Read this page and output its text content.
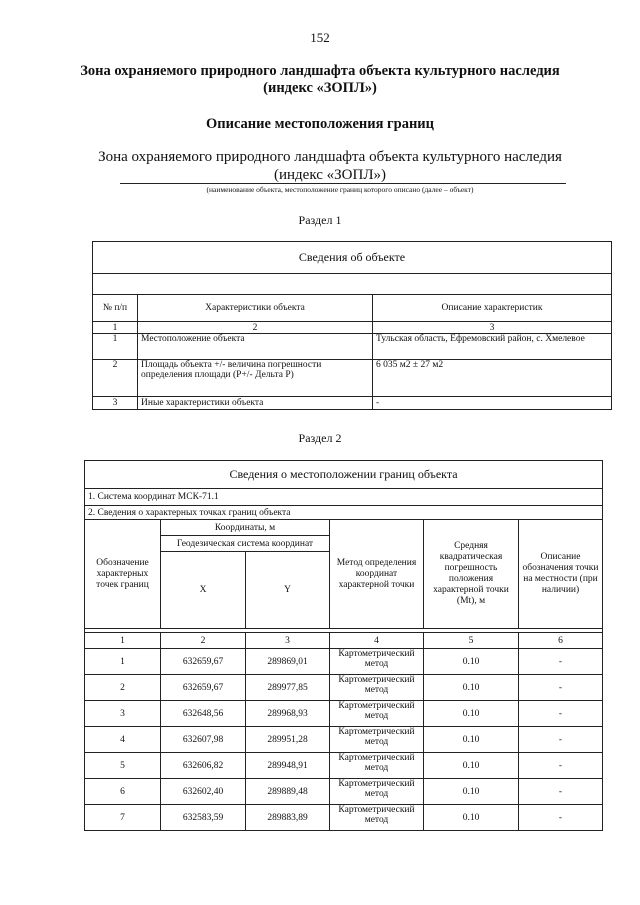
152
Зона охраняемого природного ландшафта объекта культурного наследия
(индекс «ЗОПЛ»)
Описание местоположения границ
Зона охраняемого природного ландшафта объекта культурного наследия
(индекс «ЗОПЛ»)
(наименование объекта, местоположение границ которого описано (далее – объект)
Раздел 1
Сведения об объекте		

№ п/п	Характеристики объекта	Описание характеристик
1	2	3
1	Местоположение объекта	Тульская область, Ефремовский район, с. Хмелевое
2	Площадь объекта +/- величина погрешности определения площади (Р+/- Дельта Р)	6 035 м2 ± 27 м2
3	Иные характеристики объекта	-
Раздел 2
Сведения о местоположении границ объекта					
1. Система координат МСК-71.1					
2. Сведения о характерных точках границ объекта					
Обозначение характерных точек границ	Координаты, м		Метод определения координат характерной точки	Средняя квадратическая погрешность положения характерной точки (Mt), м	Описание обозначения точки на местности (при наличии)
	Геодезическая система координат				
	X	Y			

1	2	3	4	5	6
1	632659,67	289869,01	Картометрический метод	0.10	-
2	632659,67	289977,85	Картометрический метод	0.10	-
3	632648,56	289968,93	Картометрический метод	0.10	-
4	632607,98	289951,28	Картометрический метод	0.10	-
5	632606,82	289948,91	Картометрический метод	0.10	-
6	632602,40	289889,48	Картометрический метод	0.10	-
7	632583,59	289883,89	Картометрический метод	0.10	-
